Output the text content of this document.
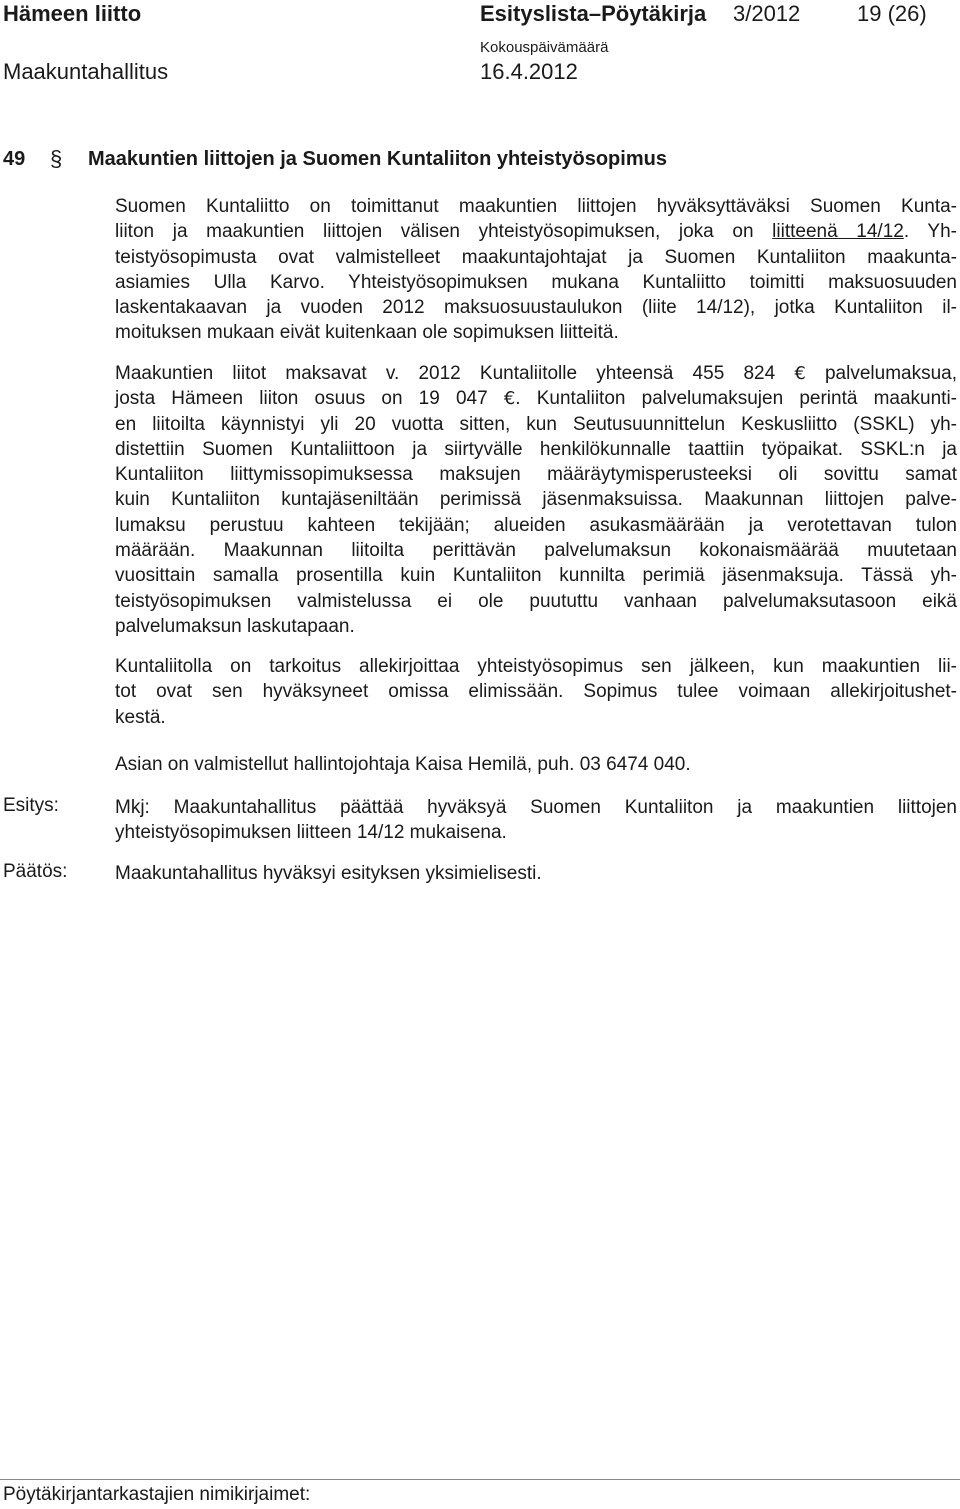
Hämeen liitto	Esityslista–Pöytäkirja 3/2012	19 (26)
Kokouspäivämäärä
Maakuntahallitus	16.4.2012
49 § Maakuntien liittojen ja Suomen Kuntaliiton yhteistyösopimus
Suomen Kuntaliitto on toimittanut maakuntien liittojen hyväksyttäväksi Suomen Kunta-
liiton ja maakuntien liittojen välisen yhteistyösopimuksen, joka on liitteenä 14/12. Yh-
teistyösopimusta ovat valmistelleet maakuntajohtajat ja Suomen Kuntaliiton maakunta-
asiamies Ulla Karvo. Yhteistyösopimuksen mukana Kuntaliitto toimitti maksuosuuden
laskentakaavan ja vuoden 2012 maksuosuustaulukon (liite 14/12), jotka Kuntaliiton il-
moituksen mukaan eivät kuitenkaan ole sopimuksen liitteitä.
Maakuntien liitot maksavat v. 2012 Kuntaliitolle yhteensä 455 824 € palvelumaksua,
josta Hämeen liiton osuus on 19 047 €. Kuntaliiton palvelumaksujen perintä maakunti-
en liitoilta käynnistyi yli 20 vuotta sitten, kun Seutusuunnittelun Keskusliitto (SSKL) yh-
distettiin Suomen Kuntaliittoon ja siirtyvälle henkilökunnalle taattiin työpaikat. SSKL:n ja
Kuntaliiton liittymissopimuksessa maksujen määräytymisperusteeksi oli sovittu samat
kuin Kuntaliiton kuntajäseniltään perimissä jäsenmaksuissa. Maakunnan liittojen palve-
lumaksu perustuu kahteen tekijään; alueiden asukasmäärään ja verotettavan tulon
määrään. Maakunnan liitoilta perittävän palvelumaksun kokonaismäärää muutetaan
vuosittain samalla prosentilla kuin Kuntaliiton kunnilta perimiä jäsenmaksuja. Tässä yh-
teistyösopimuksen valmistelussa ei ole puututtu vanhaan palvelumaksutasoon eikä
palvelumaksun laskutapaan.
Kuntaliitolla on tarkoitus allekirjoittaa yhteistyösopimus sen jälkeen, kun maakuntien lii-
tot ovat sen hyväksyneet omissa elimissään. Sopimus tulee voimaan allekirjoitushet-
kestä.
Asian on valmistellut hallintojohtaja Kaisa Hemilä, puh. 03 6474 040.
Esitys:	Mkj: Maakuntahallitus päättää hyväksyä Suomen Kuntaliiton ja maakuntien liittojen
yhteistyösopimuksen liitteen 14/12 mukaisena.
Päätös:	Maakuntahallitus hyväksyi esityksen yksimielisesti.
Pöytäkirjantarkastajien nimikirjaimet:
